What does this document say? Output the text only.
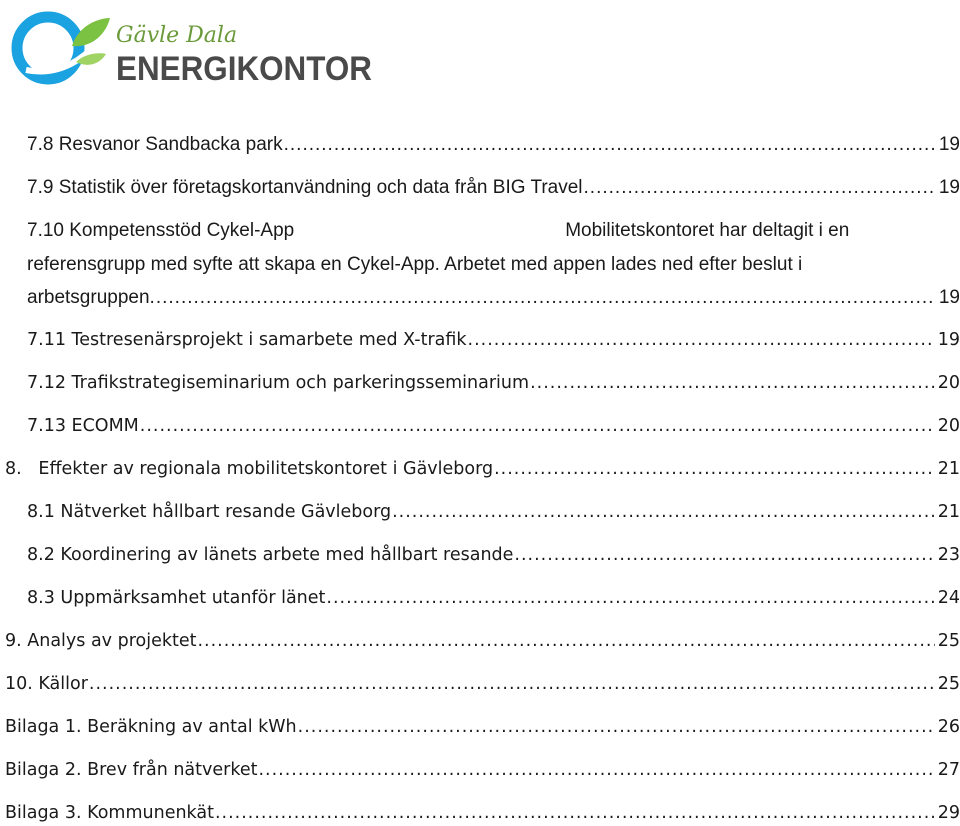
Gävle Dala
ENERGIKONTOR
7.8 Resvanor Sandbacka park .....	19
7.9 Statistik över företagskortanvändning och data från BIG Travel .....	19
7.10 Kompetensstöd Cykel-App	Mobilitetskontoret har deltagit i en
referensgrupp med syfte att skapa en Cykel-App. Arbetet med appen lades ned efter beslut i
arbetsgruppen. .....	19
7.11 Testresenärsprojekt i samarbete med X-trafik .....	19
7.12 Trafikstrategiseminarium och parkeringsseminarium .....	20
7.13 ECOMM .....	20
8.   Effekter av regionala mobilitetskontoret i Gävleborg .....	21
8.1 Nätverket hållbart resande Gävleborg .....	21
8.2 Koordinering av länets arbete med hållbart resande .....	23
8.3 Uppmärksamhet utanför länet .....	24
9. Analys av projektet .....	25
10. Källor .....	25
Bilaga 1. Beräkning av antal kWh .....	26
Bilaga 2. Brev från nätverket .....	27
Bilaga 3. Kommunenkät .....	29
